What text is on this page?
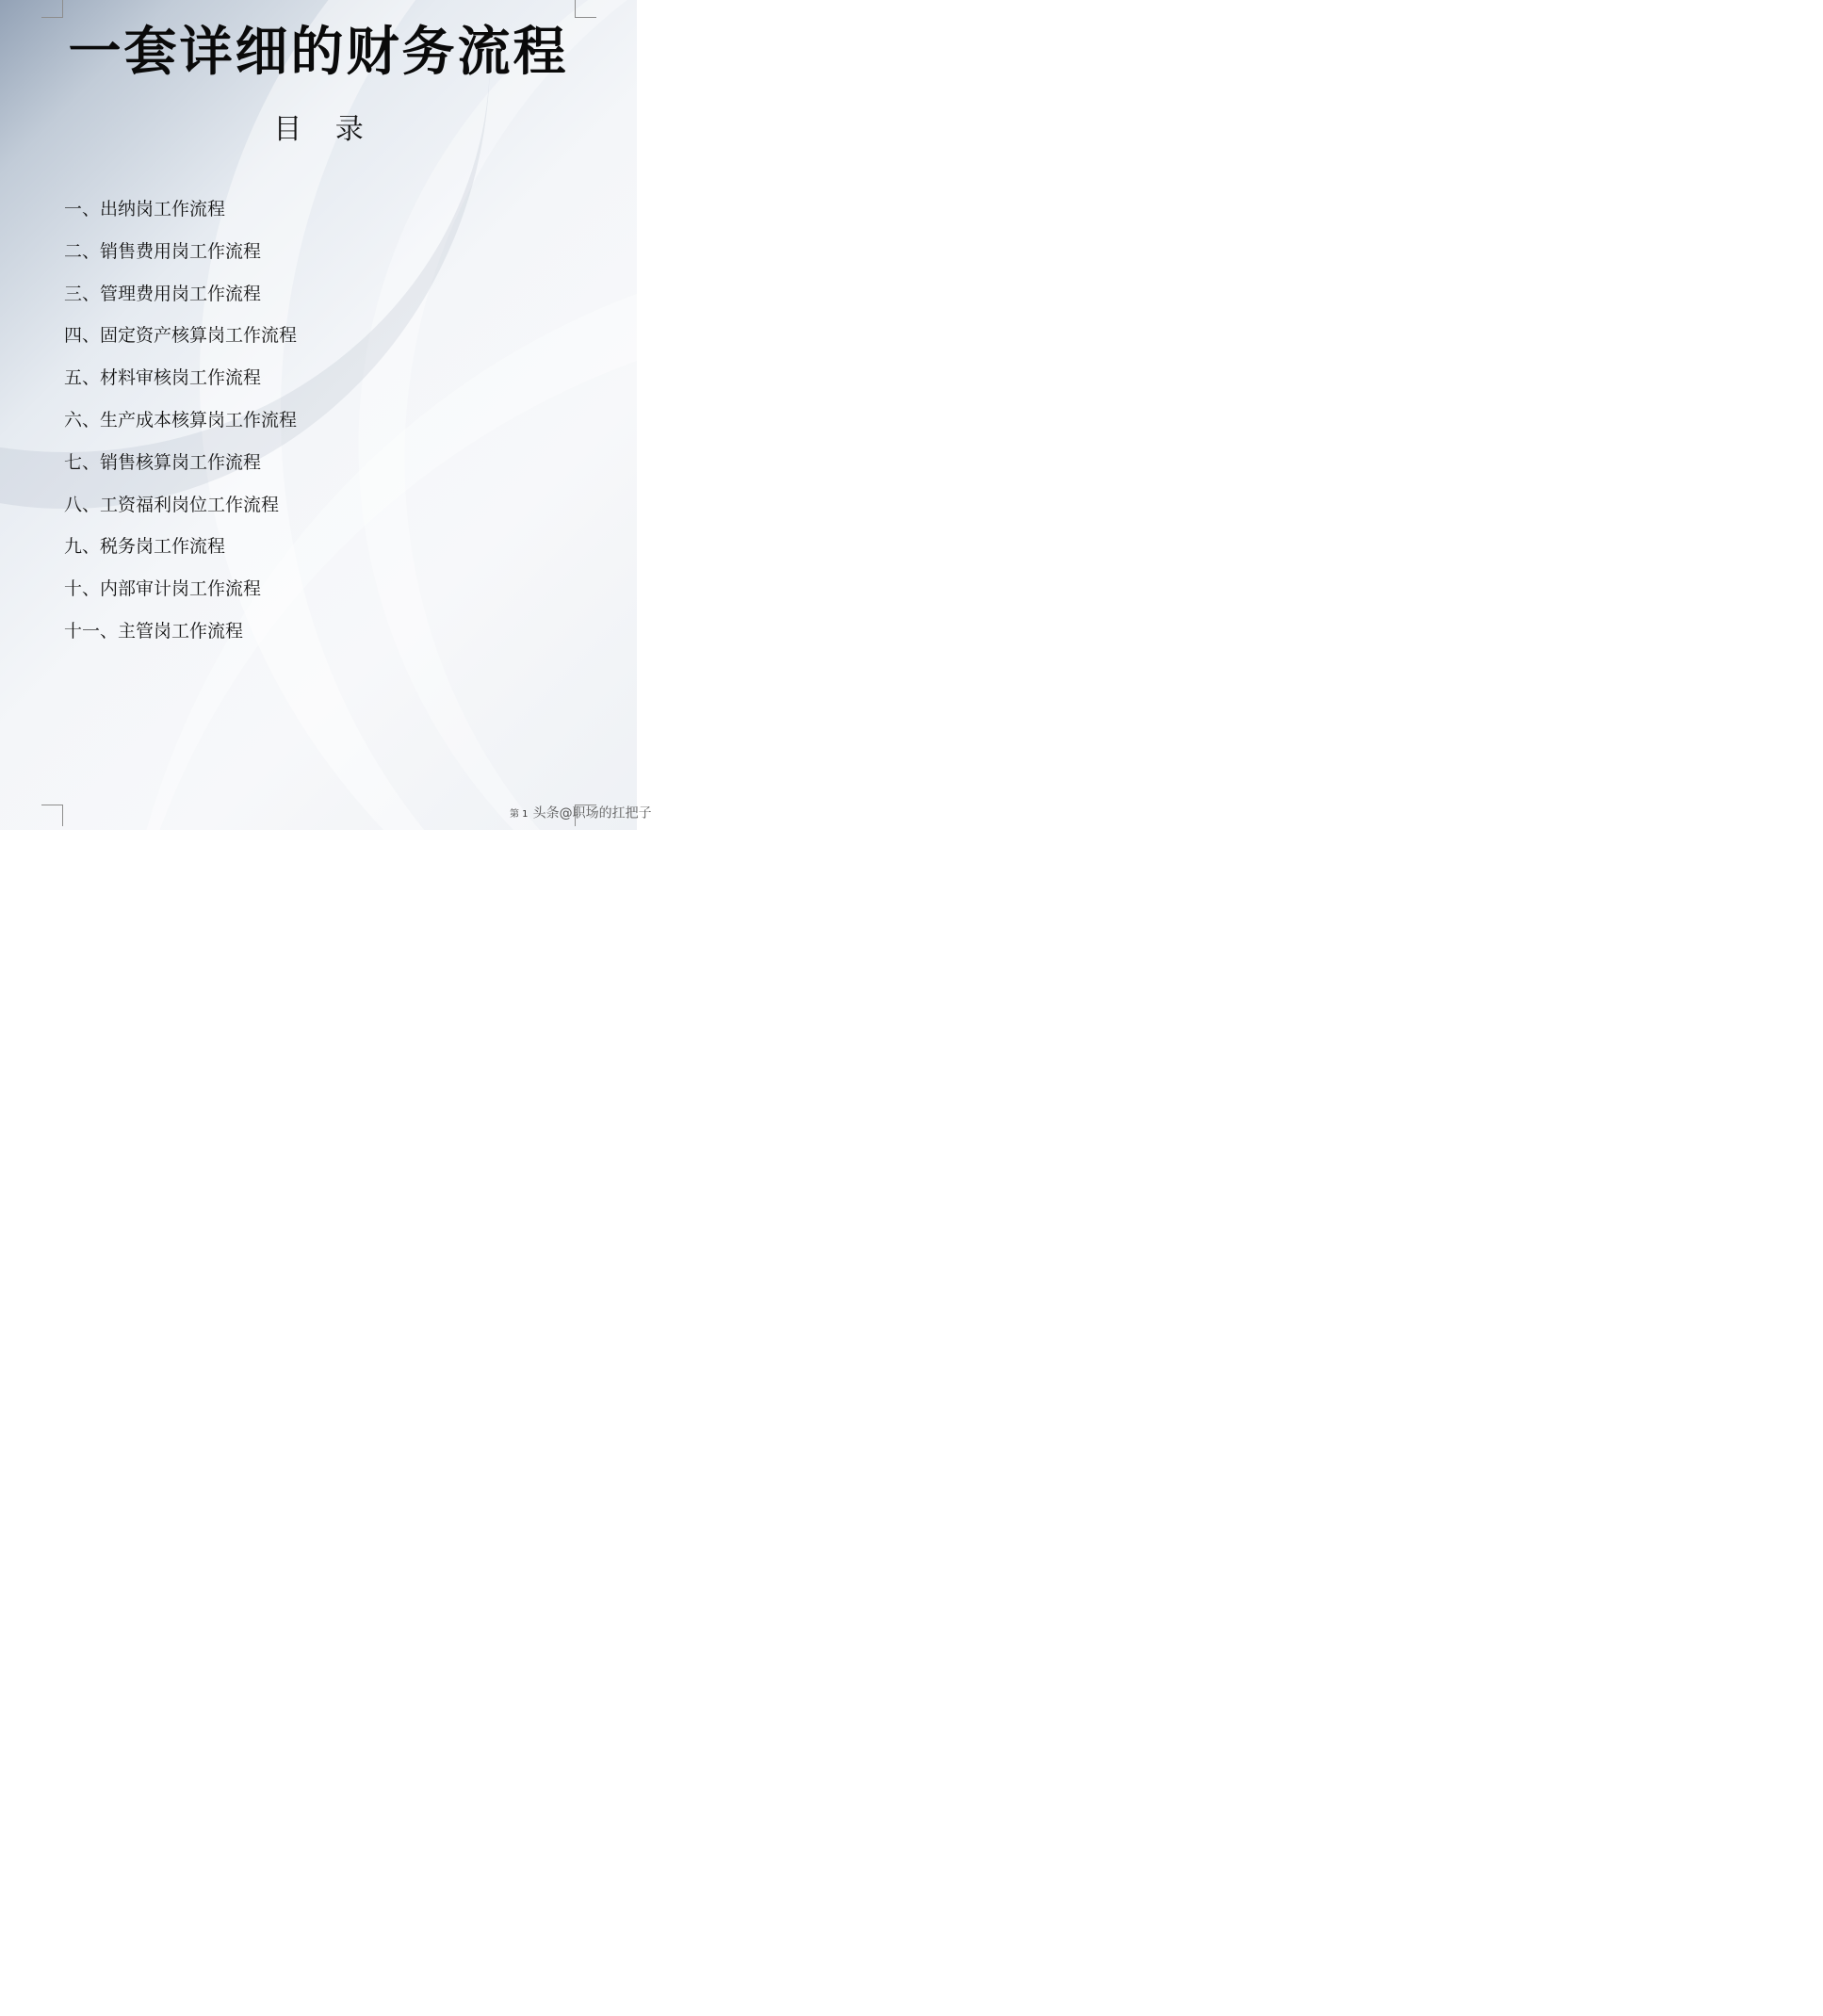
一套详细的财务流程
目 录
一、出纳岗工作流程
二、销售费用岗工作流程
三、管理费用岗工作流程
四、固定资产核算岗工作流程
五、材料审核岗工作流程
六、生产成本核算岗工作流程
七、销售核算岗工作流程
八、工资福利岗位工作流程
九、税务岗工作流程
十、内部审计岗工作流程
十一、主管岗工作流程
第 1 头条@职场的扛把子
